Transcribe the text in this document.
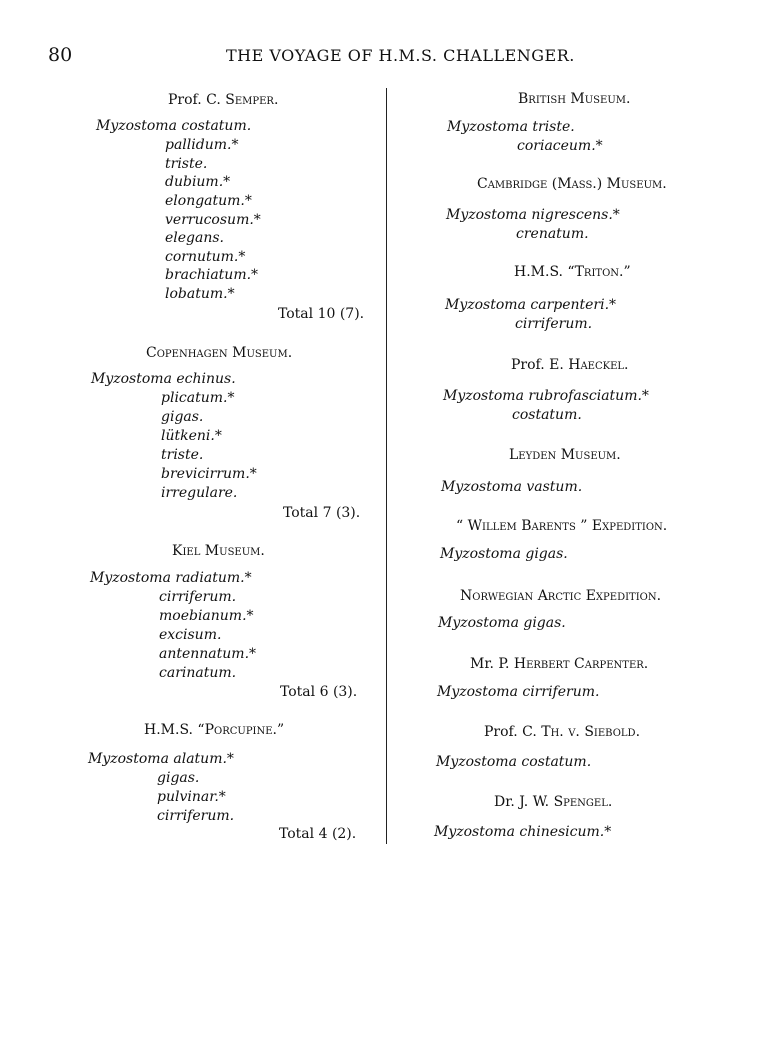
80	THE VOYAGE OF H.M.S. CHALLENGER.
Prof. C. Semper.
Myzostoma costatum.
pallidum.*
triste.
dubium.*
elongatum.*
verrucosum.*
elegans.
cornutum.*
brachiatum.*
lobatum.*
Total 10 (7).
Copenhagen Museum.
Myzostoma echinus.
plicatum.*
gigas.
lütkeni.*
triste.
brevicirrum.*
irregulare.
Total 7 (3).
Kiel Museum.
Myzostoma radiatum.*
cirriferum.
moebianum.*
excisum.
antennatum.*
carinatum.
Total 6 (3).
H.M.S. “Porcupine.”
Myzostoma alatum.*
gigas.
pulvinar.*
cirriferum.
Total 4 (2).
British Museum.
Myzostoma triste.
coriaceum.*
Cambridge (Mass.) Museum.
Myzostoma nigrescens.*
crenatum.
H.M.S. “Triton.”
Myzostoma carpenteri.*
cirriferum.
Prof. E. Haeckel.
Myzostoma rubrofasciatum.*
costatum.
Leyden Museum.
Myzostoma vastum.
“ Willem Barents ” Expedition.
Myzostoma gigas.
Norwegian Arctic Expedition.
Myzostoma gigas.
Mr. P. Herbert Carpenter.
Myzostoma cirriferum.
Prof. C. Th. v. Siebold.
Myzostoma costatum.
Dr. J. W. Spengel.
Myzostoma chinesicum.*
